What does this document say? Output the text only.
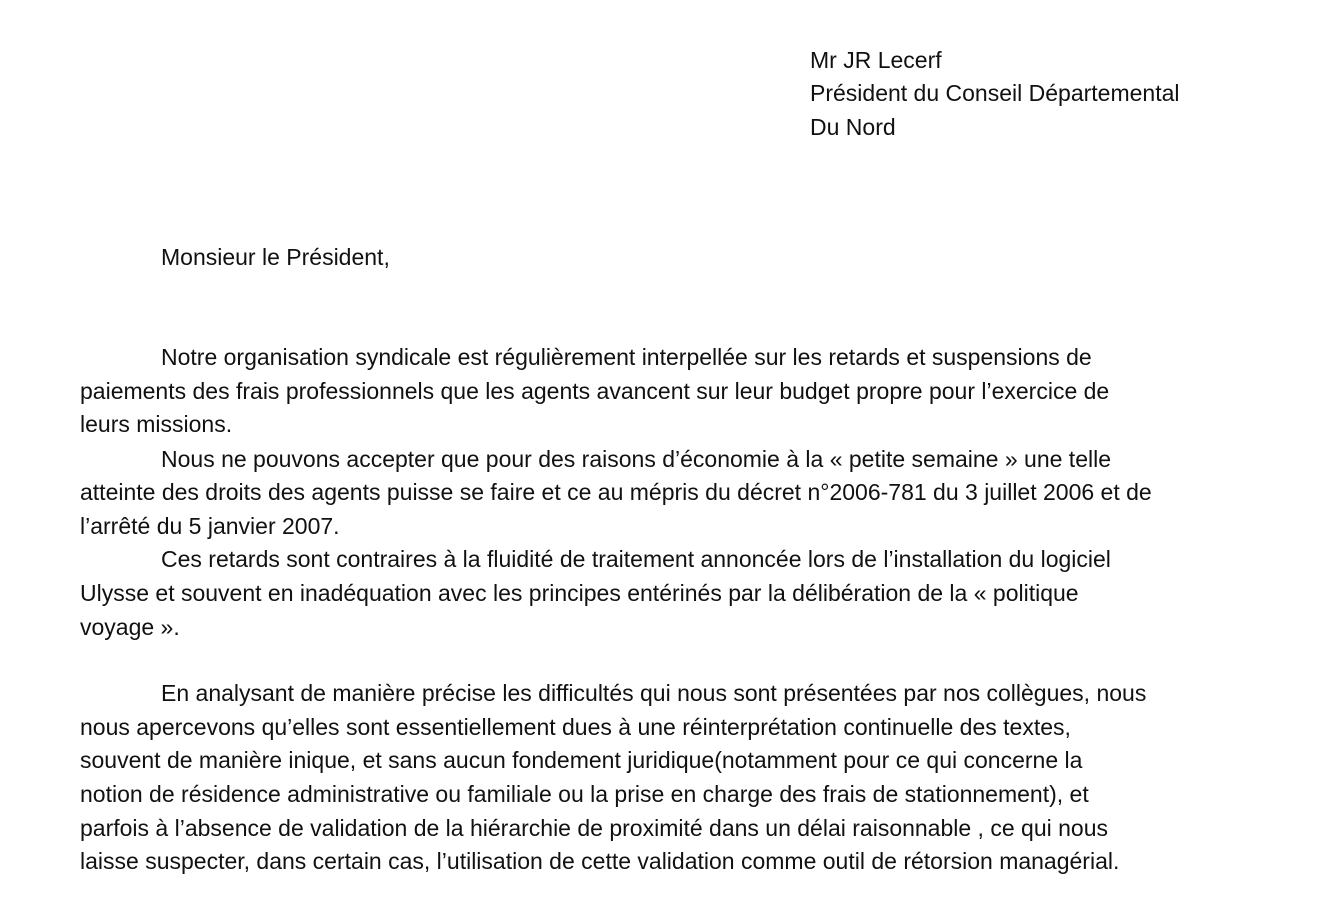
Mr JR Lecerf

Président du Conseil Départemental

Du Nord

Monsieur le Président,

Notre organisation syndicale est régulièrement interpellée sur les retards et suspensions de

paiements des frais professionnels que les agents avancent sur leur budget propre pour l’exercice de

leurs missions.

Nous ne pouvons accepter que pour des raisons d’économie à la « petite semaine » une telle

atteinte des droits des agents puisse se faire et ce au mépris du décret n°2006-781 du 3 juillet 2006 et de

l’arrêté du 5 janvier 2007.

Ces retards sont contraires à la fluidité de traitement annoncée lors de l’installation du logiciel

Ulysse et souvent en inadéquation avec les principes entérinés par la délibération de la « politique

voyage ».

En analysant de manière précise les difficultés qui nous sont présentées par nos collègues, nous

nous apercevons qu’elles sont essentiellement dues à une réinterprétation continuelle des textes,

souvent de manière inique, et sans aucun fondement juridique(notamment pour ce qui concerne la

notion de résidence administrative ou familiale ou la prise en charge des frais de stationnement), et

parfois à l’absence de validation de la hiérarchie de proximité dans un délai raisonnable , ce qui nous

laisse suspecter, dans certain cas, l’utilisation de cette validation comme outil de rétorsion managérial.
